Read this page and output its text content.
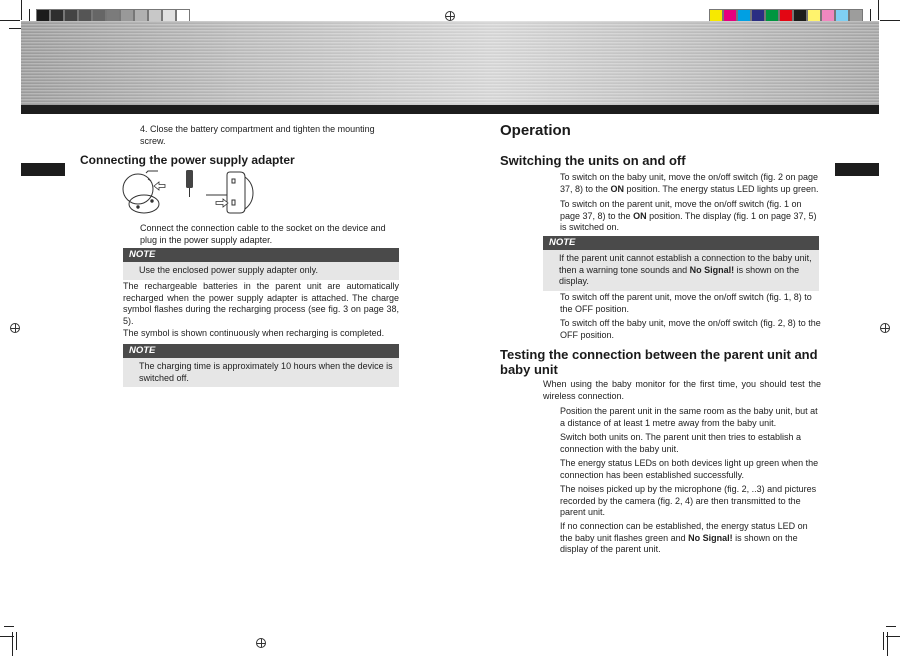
4. Close the battery compartment and tighten the mounting screw.
Connecting the power supply adapter
Connect the connection cable to the socket on the device and plug in the power supply adapter.
NOTE
Use the enclosed power supply adapter only.
The rechargeable batteries in the parent unit are automatically recharged when the power supply adapter is attached. The charge symbol flashes during the recharging process (see fig. 3 on page 38, 5).
The symbol is shown continuously when recharging is completed.
NOTE
The charging time is approximately 10 hours when the device is switched off.
Operation
Switching the units on and off
To switch on the baby unit, move the on/off switch (fig. 2 on page 37, 8) to the ON position. The energy status LED lights up green.
To switch on the parent unit, move the on/off switch (fig. 1 on page 37, 8) to the ON position. The display (fig. 1 on page 37, 5) is switched on.
NOTE
If the parent unit cannot establish a connection to the baby unit, then a warning tone sounds and No Signal! is shown on the display.
To switch off the parent unit, move the on/off switch (fig. 1, 8) to the OFF position.
To switch off the baby unit, move the on/off switch (fig. 2, 8) to the OFF position.
Testing the connection between the parent unit and baby unit
When using the baby monitor for the first time, you should test the wireless connection.
Position the parent unit in the same room as the baby unit, but at a distance of at least 1 metre away from the baby unit.
Switch both units on. The parent unit then tries to establish a connection with the baby unit.
The energy status LEDs on both devices light up green when the connection has been established successfully.
The noises picked up by the microphone (fig. 2, ..3) and pictures recorded by the camera (fig. 2, 4) are then transmitted to the parent unit.
If no connection can be established, the energy status LED on the baby unit flashes green and No Signal! is shown on the display of the parent unit.
